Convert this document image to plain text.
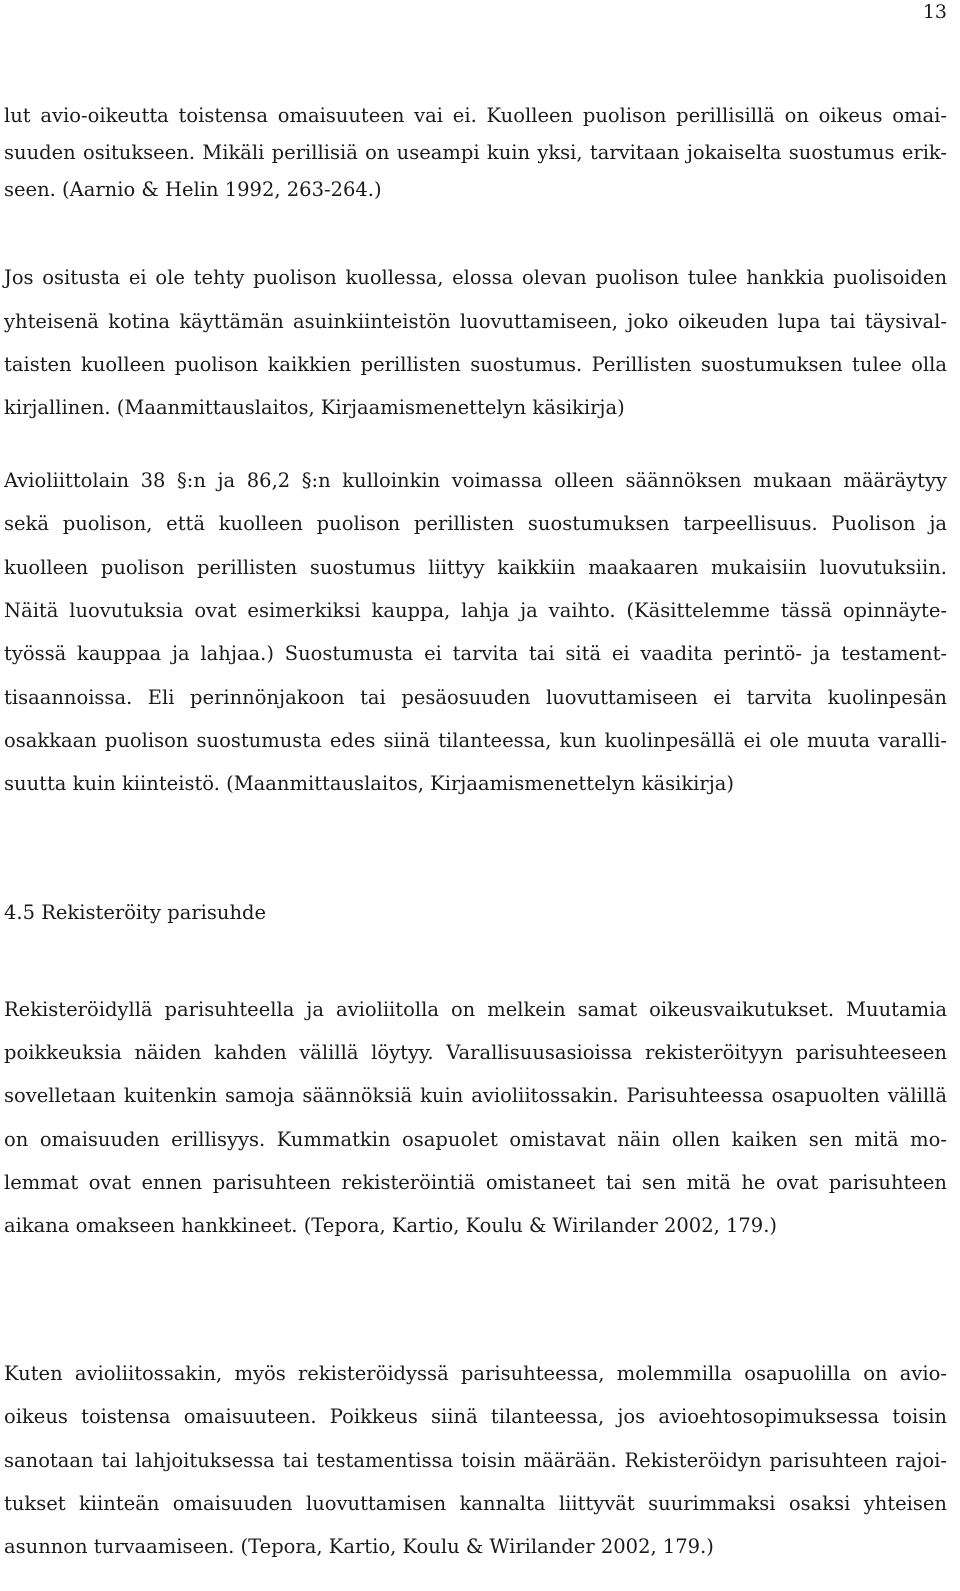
13
lut avio-oikeutta toistensa omaisuuteen vai ei. Kuolleen puolison perillisillä on oikeus omai-
suuden ositukseen. Mikäli perillisiä on useampi kuin yksi, tarvitaan jokaiselta suostumus erik-
seen. (Aarnio & Helin 1992, 263-264.)
Jos ositusta ei ole tehty puolison kuollessa, elossa olevan puolison tulee hankkia puolisoiden
yhteisenä kotina käyttämän asuinkiinteistön luovuttamiseen, joko oikeuden lupa tai täysival-
taisten kuolleen puolison kaikkien perillisten suostumus. Perillisten suostumuksen tulee olla
kirjallinen. (Maanmittauslaitos, Kirjaamismenettelyn käsikirja)
Avioliittolain 38 §:n ja 86,2 §:n kulloinkin voimassa olleen säännöksen mukaan määräytyy
sekä puolison, että kuolleen puolison perillisten suostumuksen tarpeellisuus. Puolison ja
kuolleen puolison perillisten suostumus liittyy kaikkiin maakaaren mukaisiin luovutuksiin.
Näitä luovutuksia ovat esimerkiksi kauppa, lahja ja vaihto. (Käsittelemme tässä opinnäyte-
työssä kauppaa ja lahjaa.) Suostumusta ei tarvita tai sitä ei vaadita perintö- ja testament-
tisaannoissa. Eli perinnönjakoon tai pesäosuuden luovuttamiseen ei tarvita kuolinpesän
osakkaan puolison suostumusta edes siinä tilanteessa, kun kuolinpesällä ei ole muuta varalli-
suutta kuin kiinteistö. (Maanmittauslaitos, Kirjaamismenettelyn käsikirja)
4.5 Rekisteröity parisuhde
Rekisteröidyllä parisuhteella ja avioliitolla on melkein samat oikeusvaikutukset. Muutamia
poikkeuksia näiden kahden välillä löytyy. Varallisuusasioissa rekisteröityyn parisuhteeseen
sovelletaan kuitenkin samoja säännöksiä kuin avioliitossakin. Parisuhteessa osapuolten välillä
on omaisuuden erillisyys. Kummatkin osapuolet omistavat näin ollen kaiken sen mitä mo-
lemmat ovat ennen parisuhteen rekisteröintiä omistaneet tai sen mitä he ovat parisuhteen
aikana omakseen hankkineet. (Tepora, Kartio, Koulu & Wirilander 2002, 179.)
Kuten avioliitossakin, myös rekisteröidyssä parisuhteessa, molemmilla osapuolilla on avio-
oikeus toistensa omaisuuteen. Poikkeus siinä tilanteessa, jos avioehtosopimuksessa toisin
sanotaan tai lahjoituksessa tai testamentissa toisin määrään. Rekisteröidyn parisuhteen rajoi-
tukset kiinteän omaisuuden luovuttamisen kannalta liittyvät suurimmaksi osaksi yhteisen
asunnon turvaamiseen. (Tepora, Kartio, Koulu & Wirilander 2002, 179.)
